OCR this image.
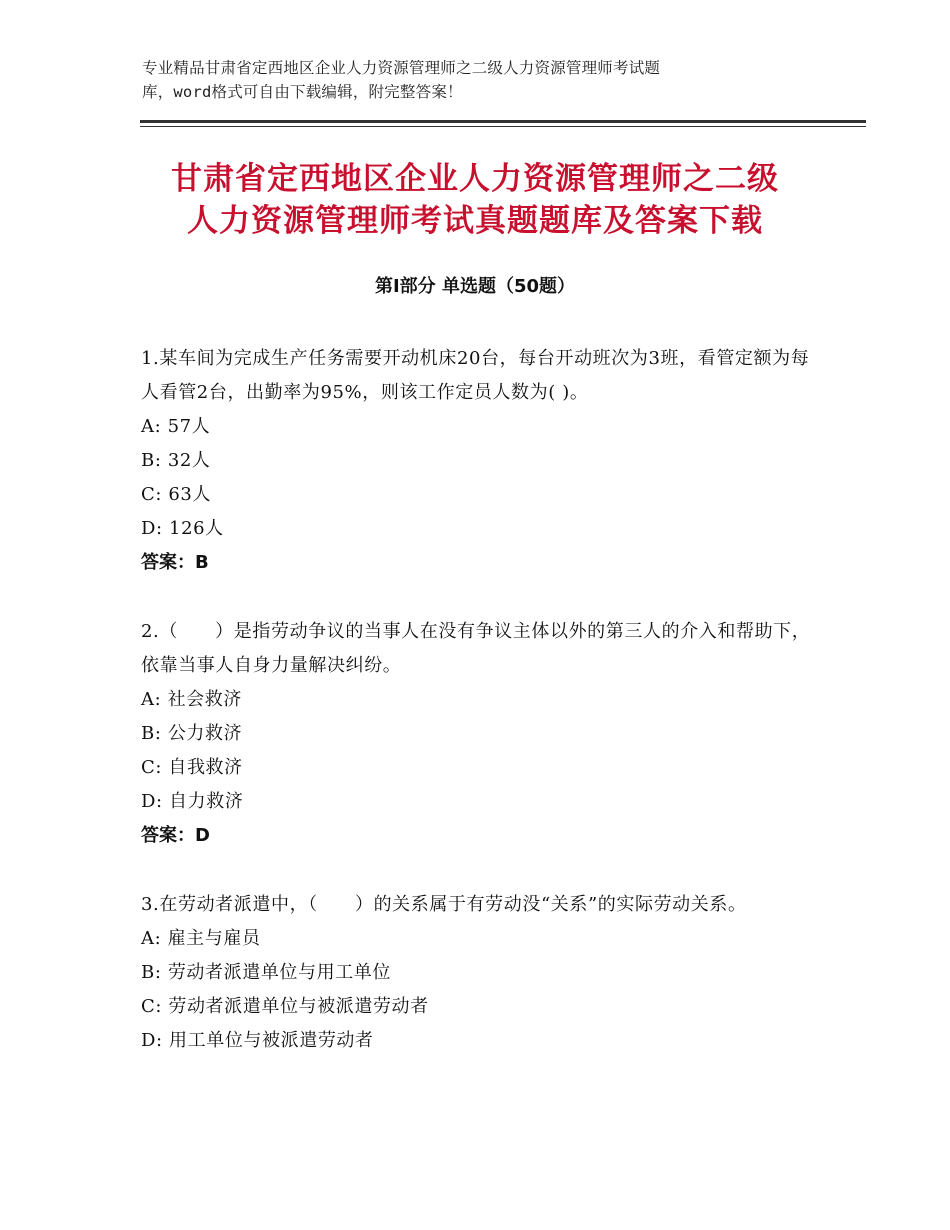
专业精品甘肃省定西地区企业人力资源管理师之二级人力资源管理师考试题
库，word格式可自由下载编辑，附完整答案！
甘肃省定西地区企业人力资源管理师之二级
人力资源管理师考试真题题库及答案下载
第Ⅰ部分 单选题（50题）

1.某车间为完成生产任务需要开动机床20台，每台开动班次为3班，看管定额为每人看管2台，出勤率为95%，则该工作定员人数为( )。

A: 57人

B: 32人

C: 63人

D: 126人

答案：B

2.（　　）是指劳动争议的当事人在没有争议主体以外的第三人的介入和帮助下，依靠当事人自身力量解决纠纷。

A: 社会救济

B: 公力救济

C: 自我救济

D: 自力救济

答案：D

3.在劳动者派遣中，（　　）的关系属于有劳动没“关系”的实际劳动关系。

A: 雇主与雇员

B: 劳动者派遣单位与用工单位

C: 劳动者派遣单位与被派遣劳动者

D: 用工单位与被派遣劳动者
